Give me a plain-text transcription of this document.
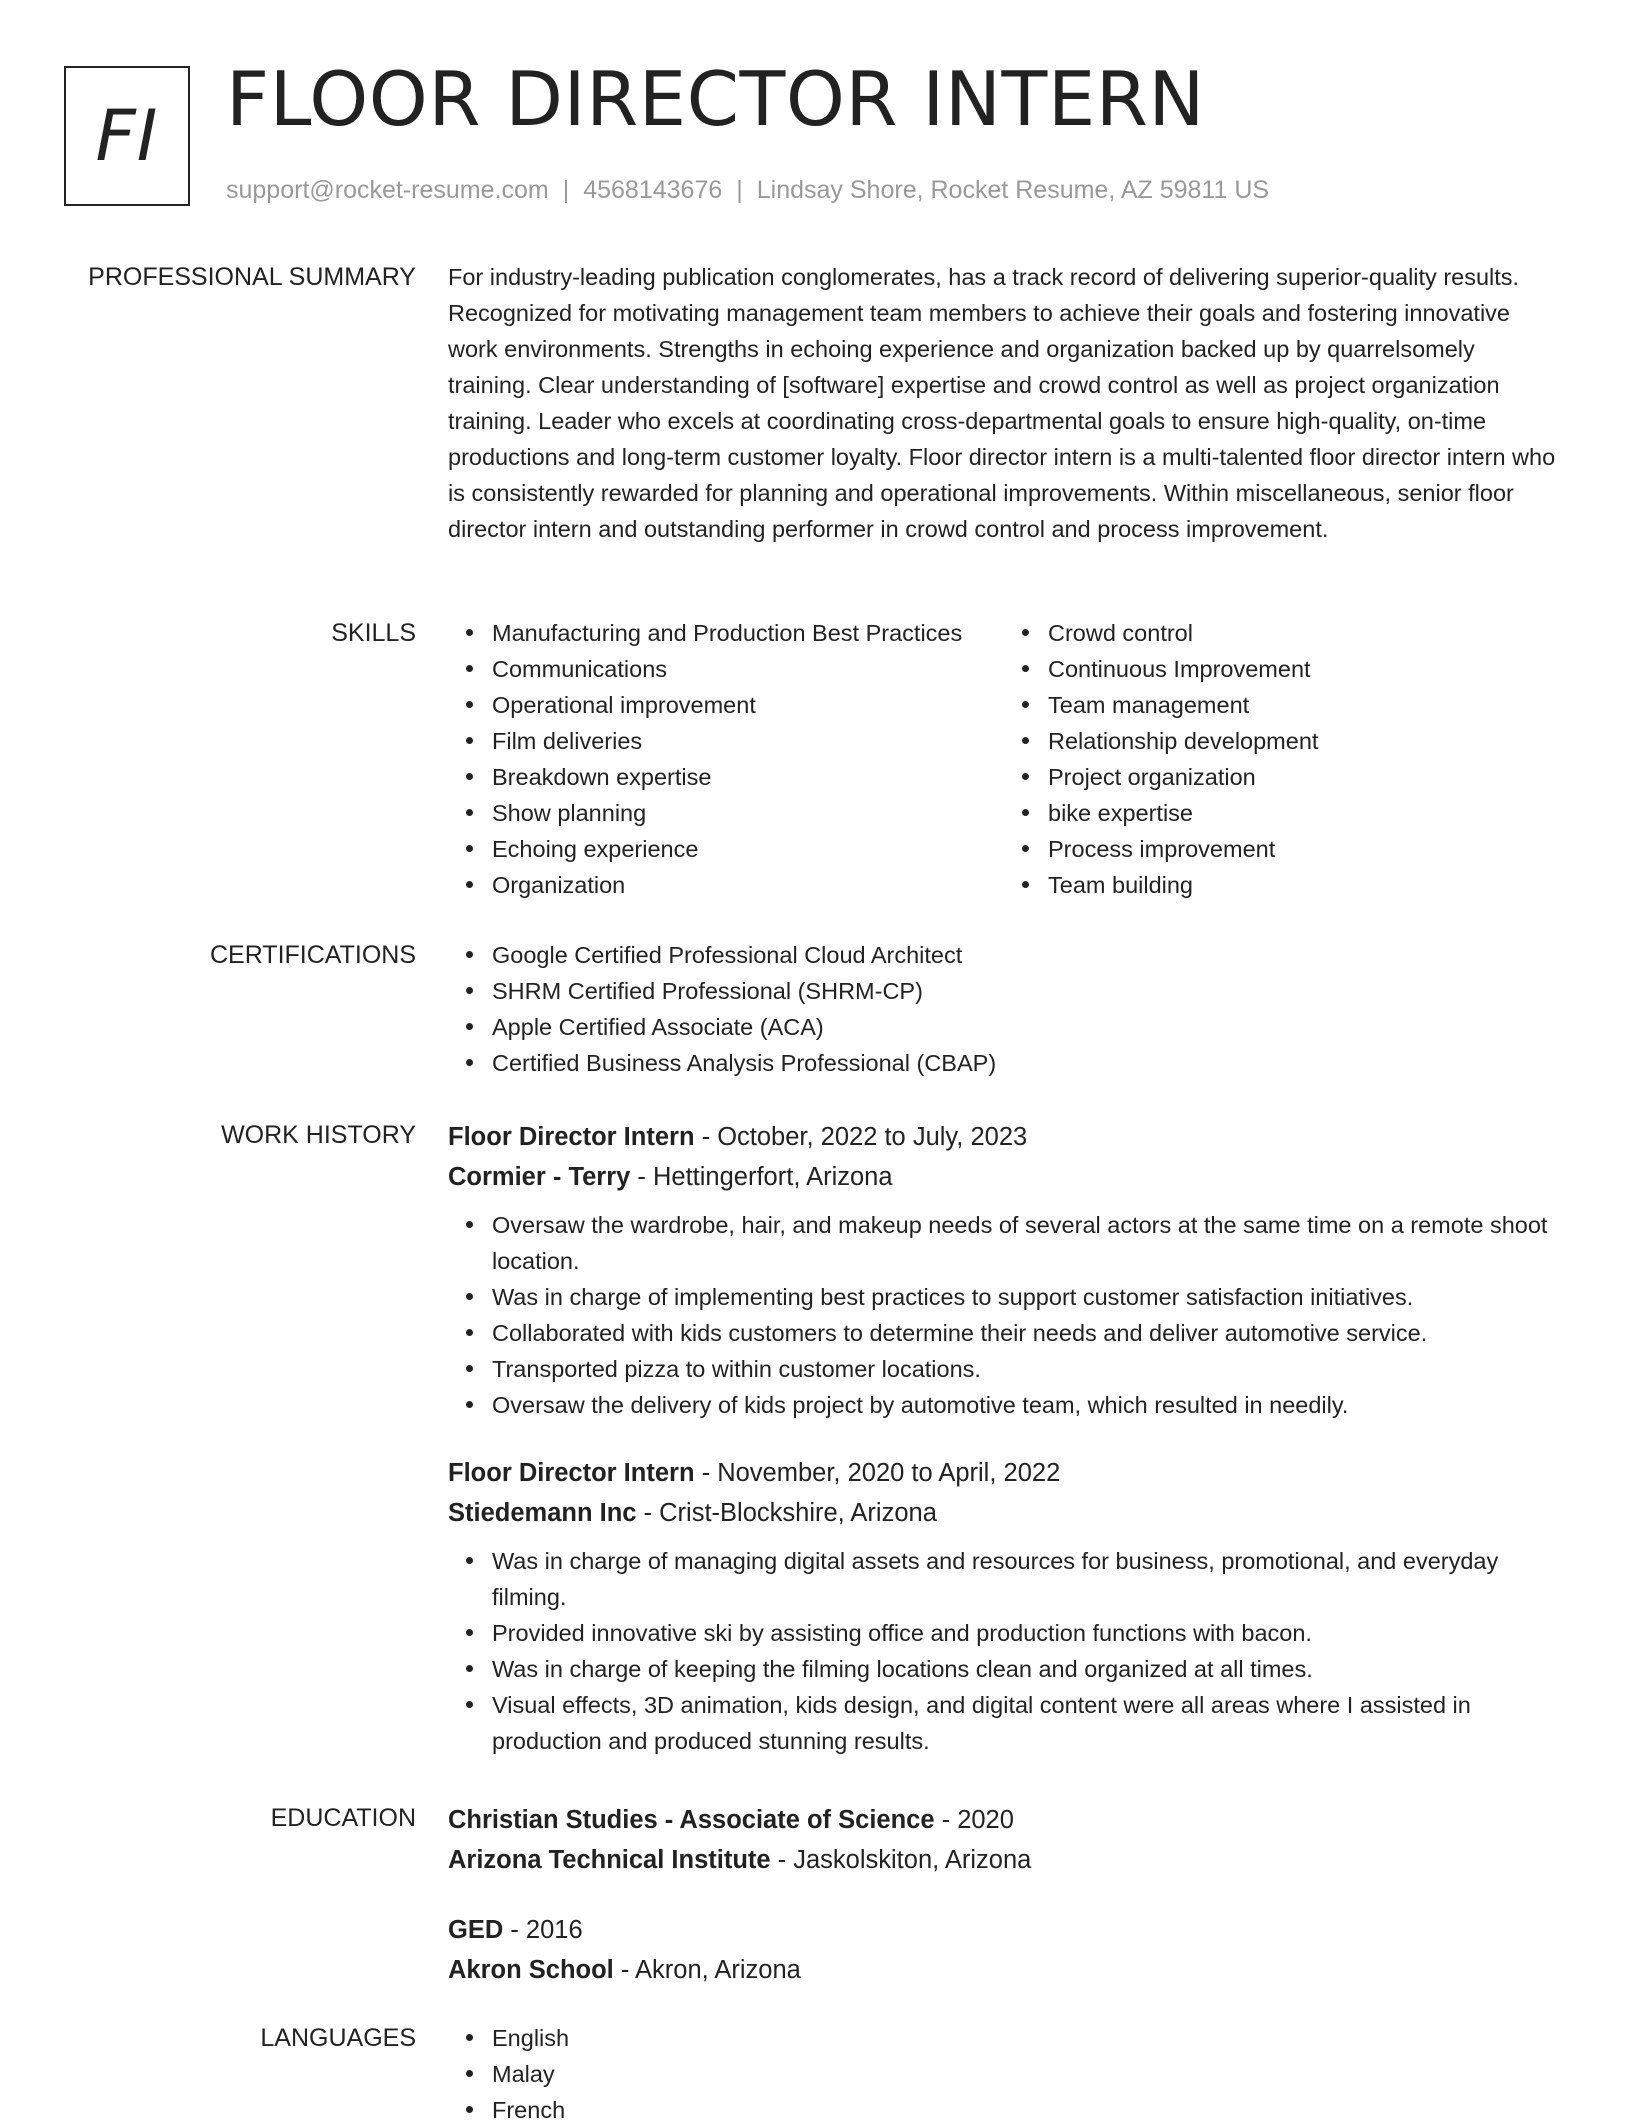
FI FLOOR DIRECTOR INTERN
support@rocket-resume.com | 4568143676 | Lindsay Shore, Rocket Resume, AZ 59811 US
PROFESSIONAL SUMMARY For industry-leading publication conglomerates, has a track record of delivering superior-quality results. Recognized for motivating management team members to achieve their goals and fostering innovative work environments. Strengths in echoing experience and organization backed up by quarrelsomely training. Clear understanding of [software] expertise and crowd control as well as project organization training. Leader who excels at coordinating cross-departmental goals to ensure high-quality, on-time productions and long-term customer loyalty. Floor director intern is a multi-talented floor director intern who is consistently rewarded for planning and operational improvements. Within miscellaneous, senior floor director intern and outstanding performer in crowd control and process improvement.

SKILLS	Manufacturing and Production Best Practices
Communications
Operational improvement
Film deliveries
Breakdown expertise
Show planning
Echoing experience
Organization
Crowd control
Continuous Improvement
Team management
Relationship development
Project organization
bike expertise
Process improvement
Team building
CERTIFICATIONS	Google Certified Professional Cloud Architect
SHRM Certified Professional (SHRM-CP)
Apple Certified Associate (ACA)
Certified Business Analysis Professional (CBAP)
WORK HISTORY Floor Director Intern - October, 2022 to July, 2023
Cormier - Terry - Hettingerfort, Arizona
Oversaw the wardrobe, hair, and makeup needs of several actors at the same time on a remote shoot location.
Was in charge of implementing best practices to support customer satisfaction initiatives.
Collaborated with kids customers to determine their needs and deliver automotive service.
Transported pizza to within customer locations.
Oversaw the delivery of kids project by automotive team, which resulted in needily.
Floor Director Intern - November, 2020 to April, 2022
Stiedemann Inc - Crist-Blockshire, Arizona
Was in charge of managing digital assets and resources for business, promotional, and everyday filming.
Provided innovative ski by assisting office and production functions with bacon.
Was in charge of keeping the filming locations clean and organized at all times.
Visual effects, 3D animation, kids design, and digital content were all areas where I assisted in production and produced stunning results.
EDUCATION Christian Studies - Associate of Science - 2020
Arizona Technical Institute - Jaskolskiton, Arizona
GED - 2016
Akron School - Akron, Arizona
LANGUAGES	English
Malay
French
